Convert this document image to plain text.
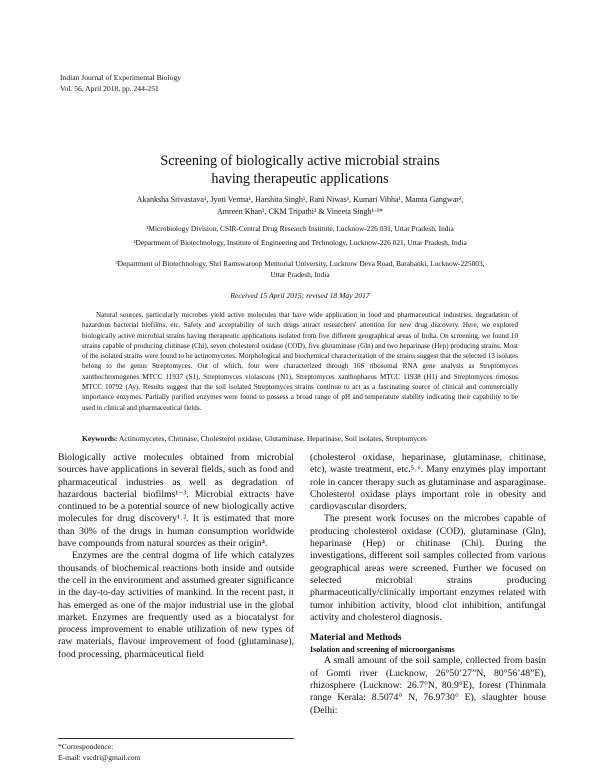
Indian Journal of Experimental Biology
Vol. 56, April 2018, pp. 244-251
Screening of biologically active microbial strains
having therapeutic applications
Akanksha Srivastava¹, Jyoti Verma¹, Harshita Singh¹, Rani Niwas¹, Kumari Vibha¹, Mamta Gangwar²,
Amreen Khan³, CKM Tripathi³ & Vineeta Singh¹·²*
¹Microbiology Division, CSIR-Central Drug Research Institute, Lucknow-226 031, Uttar Pradesh, India
²Department of Biotechnology, Institute of Engineering and Technology, Lucknow-226 021, Uttar Pradesh, India
³Department of Biotechnology, Shri Ramswaroop Memorial University, Lucknow Deva Road, Barabanki, Lucknow-225003, Uttar Pradesh, India
Received 15 April 2015; revised 18 May 2017

Natural sources, particularly microbes yield active molecules that have wide application in food and pharmaceutical industries, degradation of hazardous bacterial biofilms, etc. Safety and acceptability of such drugs attract researchers' attention for new drug discovery. Here, we explored biologically active microbial strains having therapeutic applications isolated from five different geographical areas of India. On screening, we found 10 strains capable of producing chitinase (Chi), seven cholesterol oxidase (COD), five glutaminase (Gln) and two heparinase (Hep) producing strains. Most of the isolated strains were found to be actinomycetes. Morphological and biochemical characterization of the strains suggest that the selected 13 isolates belong to the genus Streptomyces. Out of which, four were characterized through 16S ribosomal RNA gene analysis as Streptomyces xanthochromogenes MTCC 11937 (S1), Streptomyces violascens (N1), Streptomyces xanthophaeus MTCC 11938 (H1) and Streptomyces rimosus MTCC 10792 (Ay). Results suggest that the soil isolated Streptomyces strains continue to act as a fascinating source of clinical and commercially importance enzymes. Partially purified enzymes were found to possess a broad range of pH and temperature stability indicating their capability to be used in clinical and pharmaceutical fields.

Keywords: Actinomycetes, Chitinase, Cholesterol oxidase, Glutaminase, Heparinase, Soil isolates, Streptomyces

Biologically active molecules obtained from microbial sources have applications in several fields, such as food and pharmaceutical industries as well as degradation of hazardous bacterial biofilms¹⁻³. Microbial extracts have continued to be a potential source of new biologically active molecules for drug discovery¹˒². It is estimated that more than 30% of the drugs in human consumption worldwide have compounds from natural sources as their origin⁴.

Enzymes are the central dogma of life which catalyzes thousands of biochemical reactions both inside and outside the cell in the environment and assumed greater significance in the day-to-day activities of mankind. In the recent past, it has emerged as one of the major industrial use in the global market. Enzymes are frequently used as a biocatalyst for process improvement to enable utilization of new types of raw materials, flavour improvement of food (glutaminase), food processing, pharmaceutical field

(cholesterol oxidase, heparinase, glutaminase, chitinase, etc), waste treatment, etc.⁵˒⁶. Many enzymes play important role in cancer therapy such as glutaminase and asparaginase. Cholesterol oxidase plays important role in obesity and cardiovascular disorders.

The present work focuses on the microbes capable of producing cholesterol oxidase (COD), glutaminase (Gln), heparinase (Hep) or chitinase (Chi). During the investigations, different soil samples collected from various geographical areas were screened. Further we focused on selected microbial strains producing pharmaceutically/clinically important enzymes related with tumor inhibition activity, blood clot inhibition, antifungal activity and cholesterol diagnosis.

Material and Methods
Isolation and screening of microorganisms

A small amount of the soil sample, collected from basin of Gomti river (Lucknow, 26°50’27”N, 80°56’48”E), rhizosphere (Lucknow: 26.7°N, 80.9°E), forest (Thinmala range Kerala: 8.5074° N, 76.9730° E), slaughter house (Delhi:

*Correspondence:
E-mail: vscdri@gmail.com
